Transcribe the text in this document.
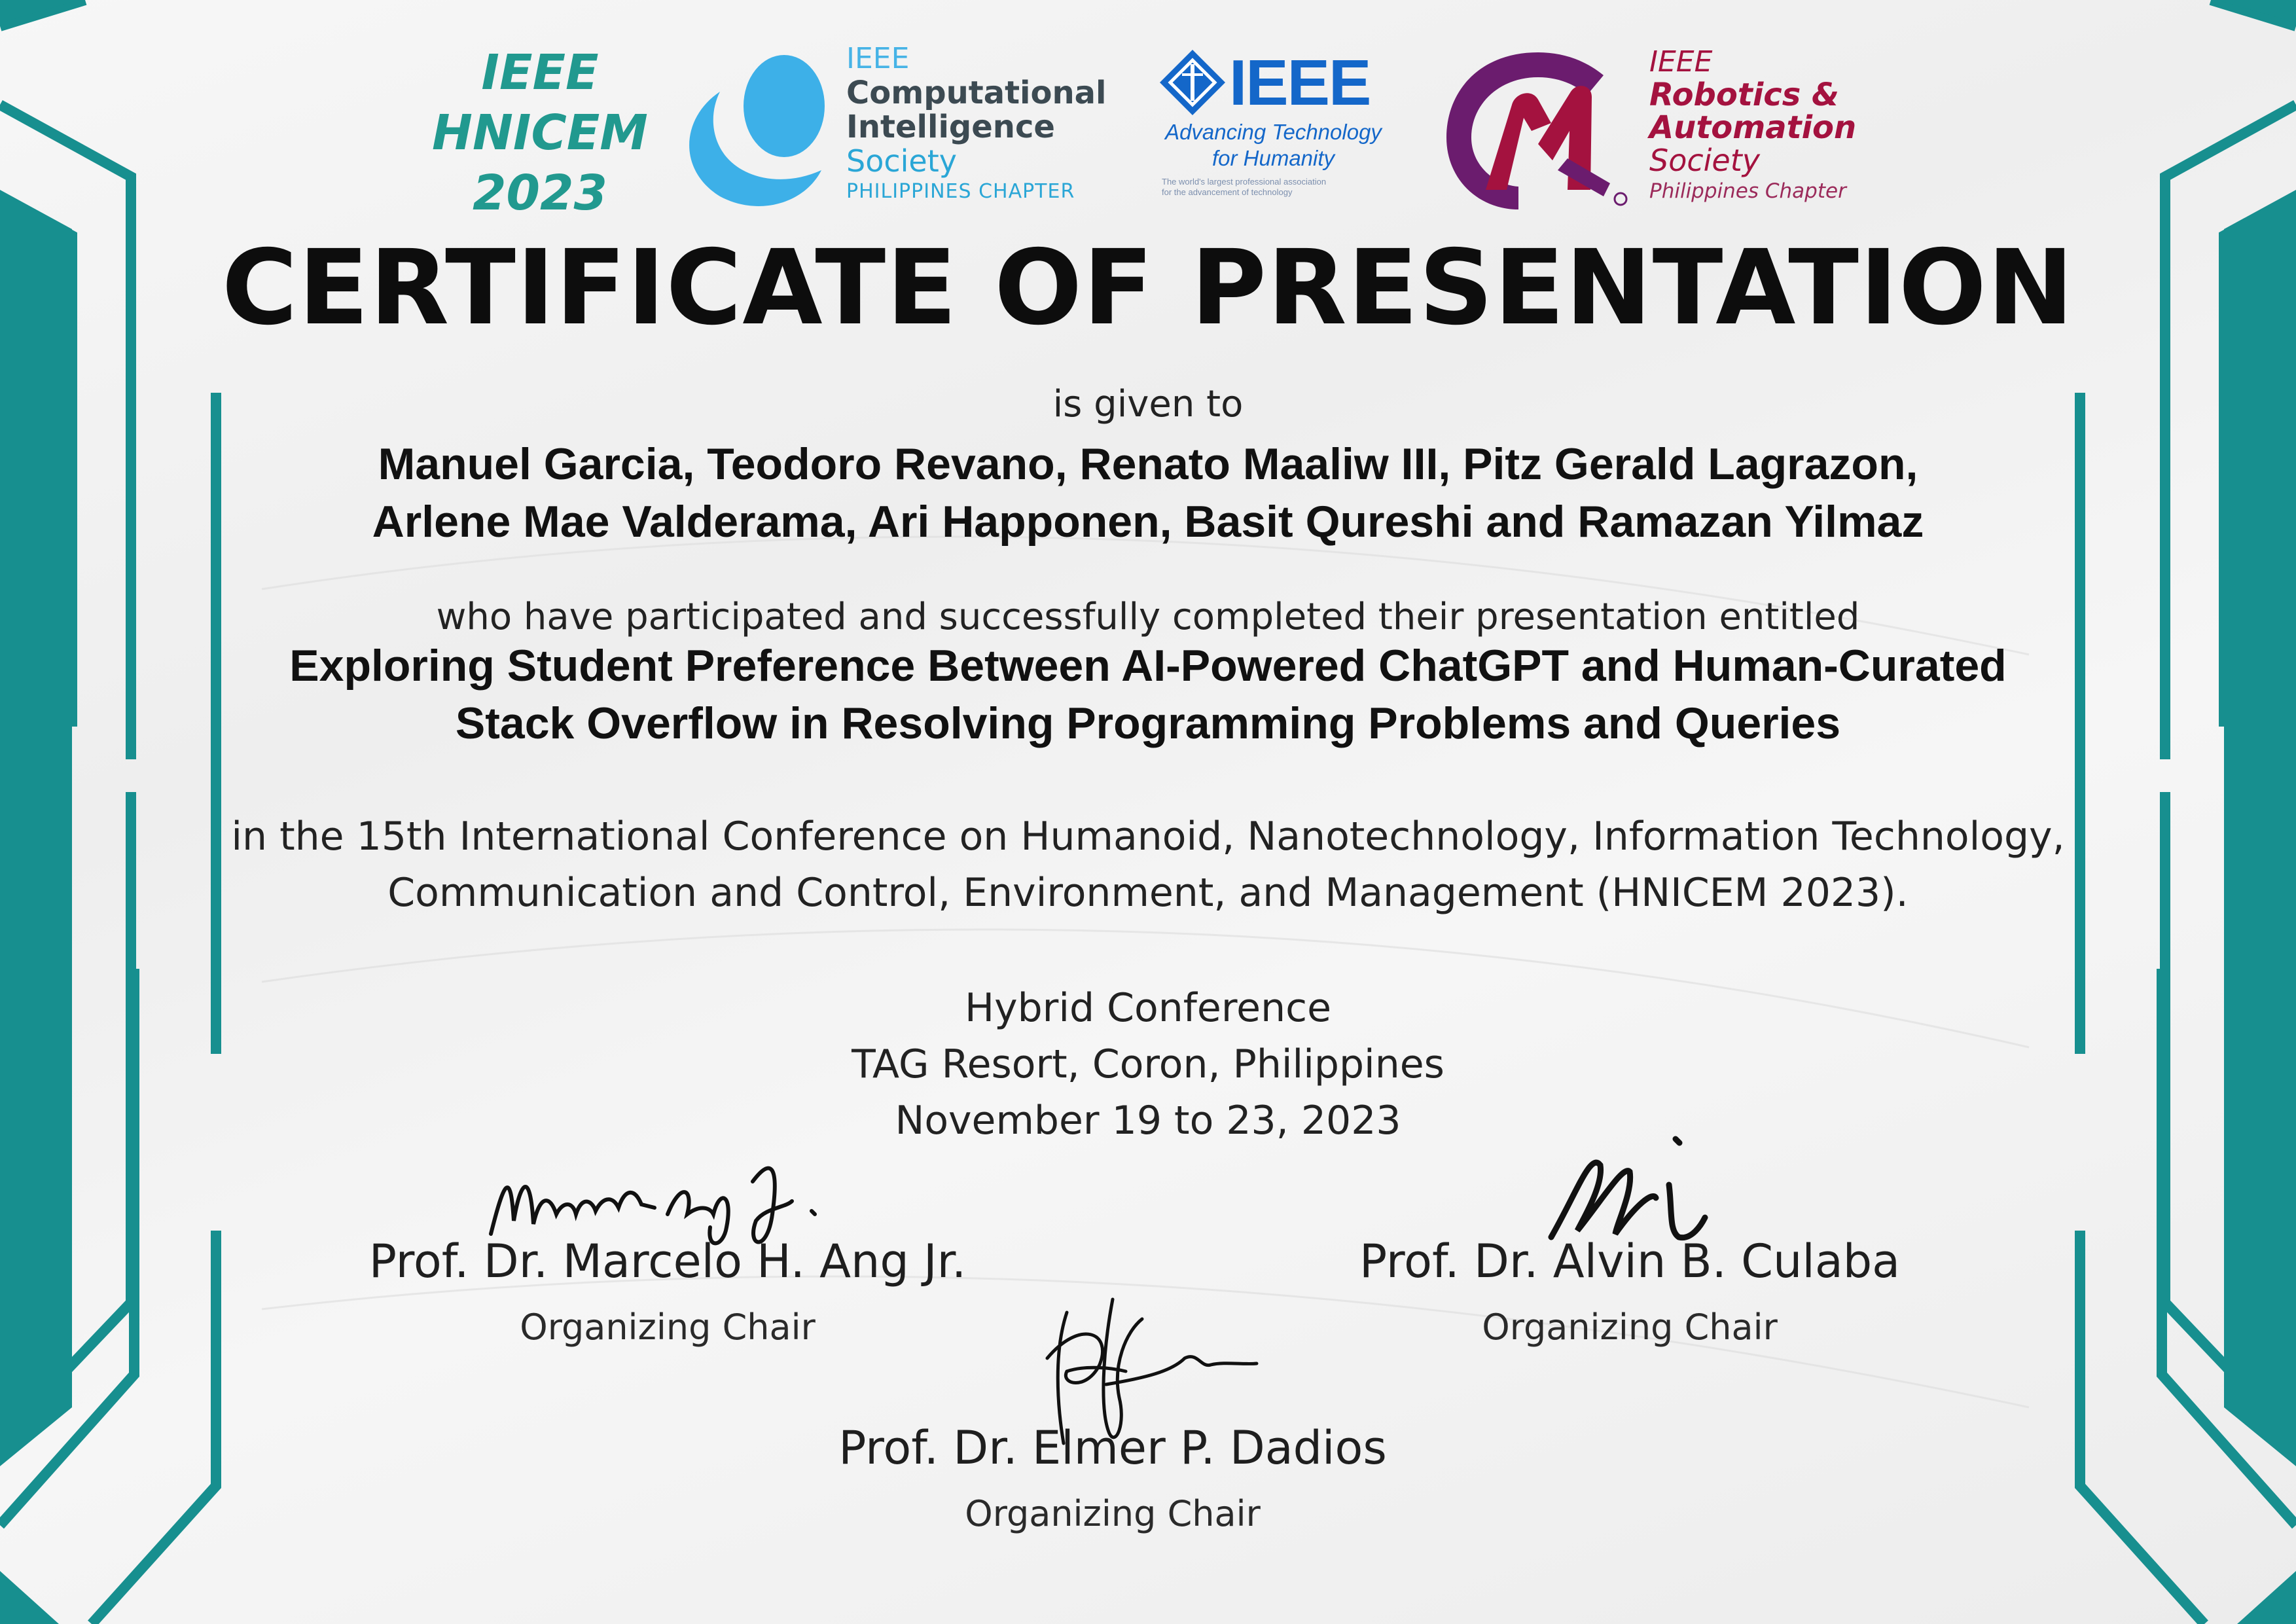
IEEE
HNICEM
2023
IEEE
Computational
Intelligence
Society
PHILIPPINES CHAPTER
IEEE
Advancing Technology
for Humanity
The world's largest professional association
for the advancement of technology
IEEE
Robotics &
Automation
Society
Philippines Chapter
CERTIFICATE OF PRESENTATION
is given to
Manuel Garcia, Teodoro Revano, Renato Maaliw III, Pitz Gerald Lagrazon,
Arlene Mae Valderama, Ari Happonen, Basit Qureshi and Ramazan Yilmaz
who have participated and successfully completed their presentation entitled
Exploring Student Preference Between AI-Powered ChatGPT and Human-Curated
Stack Overflow in Resolving Programming Problems and Queries
in the 15th International Conference on Humanoid, Nanotechnology, Information Technology,
Communication and Control, Environment, and Management (HNICEM 2023).
Hybrid Conference
TAG Resort, Coron, Philippines
November 19 to 23, 2023
Prof. Dr. Marcelo H. Ang Jr.
Organizing Chair
Prof. Dr. Alvin B. Culaba
Organizing Chair
Prof. Dr. Elmer P. Dadios
Organizing Chair
